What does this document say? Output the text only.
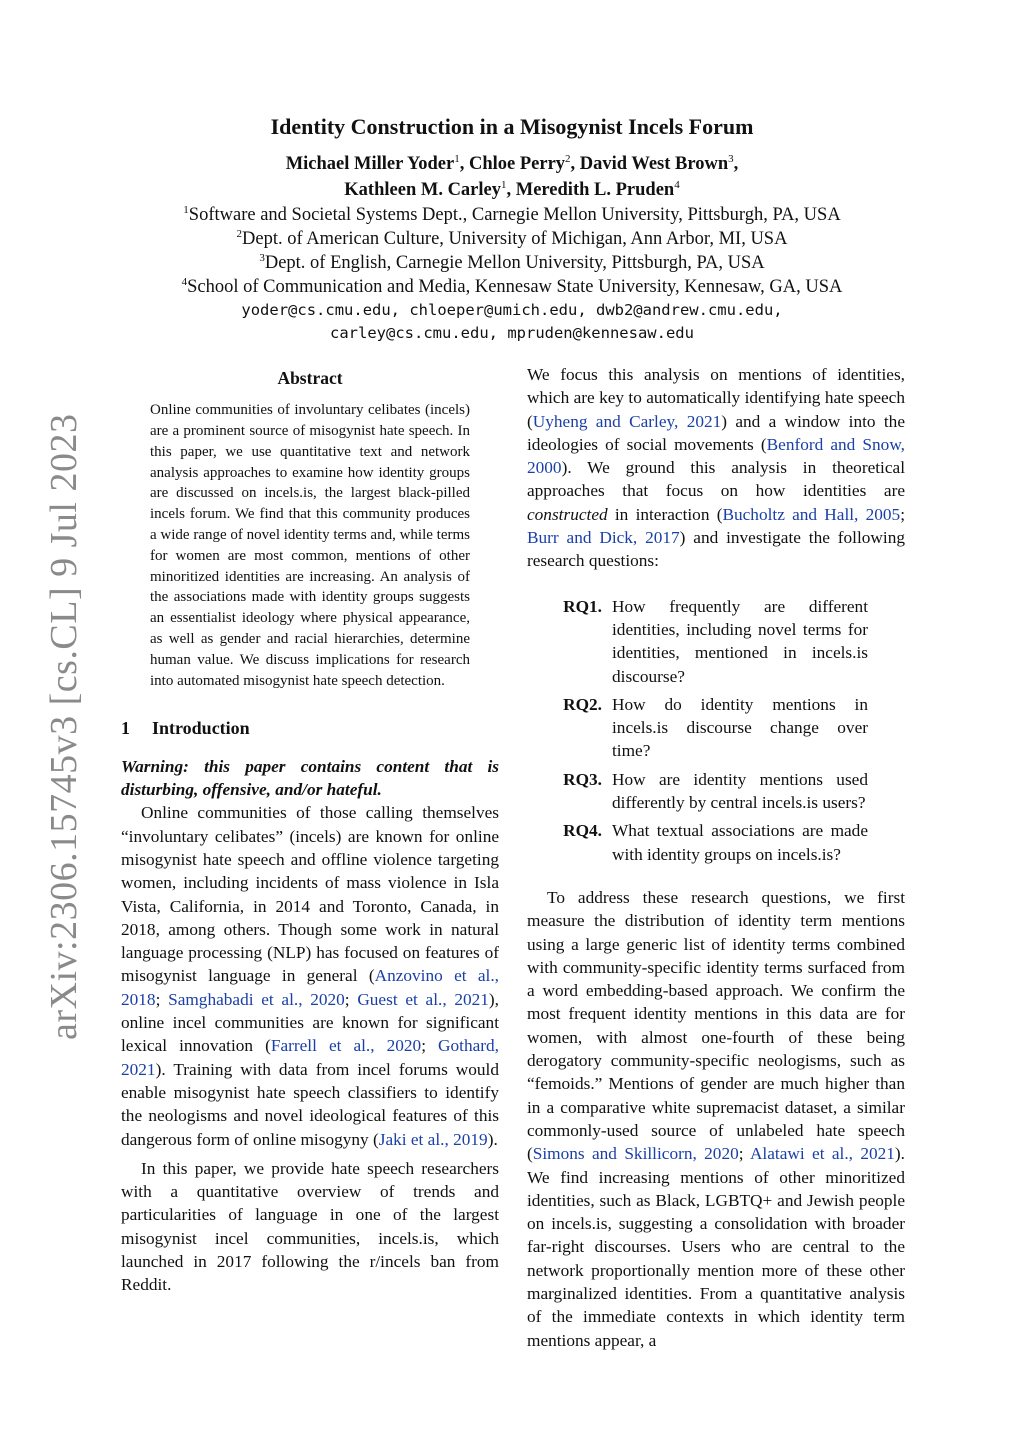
arXiv:2306.15745v3 [cs.CL] 9 Jul 2023
Identity Construction in a Misogynist Incels Forum
Michael Miller Yoder$^1$, Chloe Perry$^2$, David West Brown$^3$,
Kathleen M. Carley$^1$, Meredith L. Pruden$^4$
$^1$Software and Societal Systems Dept., Carnegie Mellon University, Pittsburgh, PA, USA
$^2$Dept. of American Culture, University of Michigan, Ann Arbor, MI, USA
$^3$Dept. of English, Carnegie Mellon University, Pittsburgh, PA, USA
$^4$School of Communication and Media, Kennesaw State University, Kennesaw, GA, USA
yoder@cs.cmu.edu, chloeper@umich.edu, dwb2@andrew.cmu.edu,
carley@cs.cmu.edu, mpruden@kennesaw.edu
Abstract

Online communities of involuntary celibates (incels) are a prominent source of misogynist hate speech. In this paper, we use quantitative text and network analysis approaches to examine how identity groups are discussed on incels.is, the largest black-pilled incels forum. We find that this community produces a wide range of novel identity terms and, while terms for women are most common, mentions of other minoritized identities are increasing. An analysis of the associations made with identity groups suggests an essentialist ideology where physical appearance, as well as gender and racial hierarchies, determine human value. We discuss implications for research into automated misogynist hate speech detection.

1 Introduction

Warning: this paper contains content that is disturbing, offensive, and/or hateful.

Online communities of those calling themselves “involuntary celibates” (incels) are known for online misogynist hate speech and offline violence targeting women, including incidents of mass violence in Isla Vista, California, in 2014 and Toronto, Canada, in 2018, among others. Though some work in natural language processing (NLP) has focused on features of misogynist language in general (Anzovino et al., 2018; Samghabadi et al., 2020; Guest et al., 2021), online incel communities are known for significant lexical innovation (Farrell et al., 2020; Gothard, 2021). Training with data from incel forums would enable misogynist hate speech classifiers to identify the neologisms and novel ideological features of this dangerous form of online misogyny (Jaki et al., 2019).

In this paper, we provide hate speech researchers with a quantitative overview of trends and particularities of language in one of the largest misogynist incel communities, incels.is, which launched in 2017 following the r/incels ban from Reddit.

We focus this analysis on mentions of identities, which are key to automatically identifying hate speech (Uyheng and Carley, 2021) and a window into the ideologies of social movements (Benford and Snow, 2000). We ground this analysis in theoretical approaches that focus on how identities are constructed in interaction (Bucholtz and Hall, 2005; Burr and Dick, 2017) and investigate the following research questions:

RQ1. How frequently are different identities, including novel terms for identities, mentioned in incels.is discourse?
RQ2. How do identity mentions in incels.is discourse change over time?
RQ3. How are identity mentions used differently by central incels.is users?
RQ4. What textual associations are made with identity groups on incels.is?

To address these research questions, we first measure the distribution of identity term mentions using a large generic list of identity terms combined with community-specific identity terms surfaced from a word embedding-based approach. We confirm the most frequent identity mentions in this data are for women, with almost one-fourth of these being derogatory community-specific neologisms, such as “femoids.” Mentions of gender are much higher than in a comparative white supremacist dataset, a similar commonly-used source of unlabeled hate speech (Simons and Skillicorn, 2020; Alatawi et al., 2021). We find increasing mentions of other minoritized identities, such as Black, LGBTQ+ and Jewish people on incels.is, suggesting a consolidation with broader far-right discourses. Users who are central to the network proportionally mention more of these other marginalized identities. From a quantitative analysis of the immediate contexts in which identity term mentions appear, a
